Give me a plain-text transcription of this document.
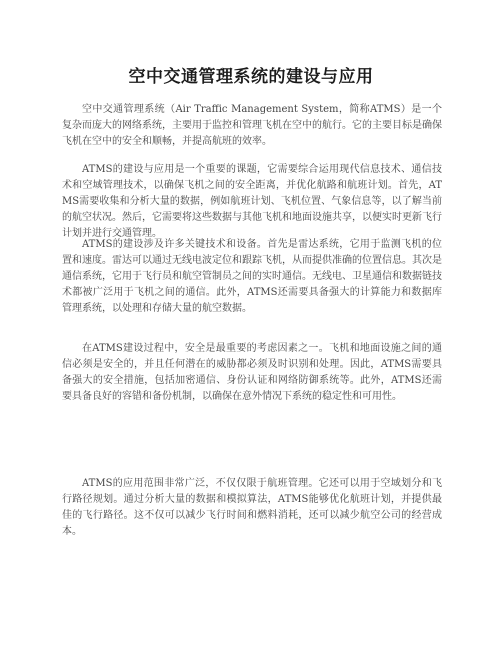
空中交通管理系统的建设与应用

空中交通管理系统（Air Traffic Management System，简称ATMS）是一个复杂而庞大的网络系统，主要用于监控和管理飞机在空中的航行。它的主要目标是确保飞机在空中的安全和顺畅，并提高航班的效率。

ATMS的建设与应用是一个重要的课题，它需要综合运用现代信息技术、通信技术和空域管理技术，以确保飞机之间的安全距离，并优化航路和航班计划。首先，ATMS需要收集和分析大量的数据，例如航班计划、飞机位置、气象信息等，以了解当前的航空状况。然后，它需要将这些数据与其他飞机和地面设施共享，以便实时更新飞行计划并进行交通管理。

ATMS的建设涉及许多关键技术和设备。首先是雷达系统，它用于监测飞机的位置和速度。雷达可以通过无线电波定位和跟踪飞机，从而提供准确的位置信息。其次是通信系统，它用于飞行员和航空管制员之间的实时通信。无线电、卫星通信和数据链技术都被广泛用于飞机之间的通信。此外，ATMS还需要具备强大的计算能力和数据库管理系统，以处理和存储大量的航空数据。

在ATMS建设过程中，安全是最重要的考虑因素之一。飞机和地面设施之间的通信必须是安全的，并且任何潜在的威胁都必须及时识别和处理。因此，ATMS需要具备强大的安全措施，包括加密通信、身份认证和网络防御系统等。此外，ATMS还需要具备良好的容错和备份机制，以确保在意外情况下系统的稳定性和可用性。

ATMS的应用范围非常广泛，不仅仅限于航班管理。它还可以用于空域划分和飞行路径规划。通过分析大量的数据和模拟算法，ATMS能够优化航班计划，并提供最佳的飞行路径。这不仅可以减少飞行时间和燃料消耗，还可以减少航空公司的经营成本。
